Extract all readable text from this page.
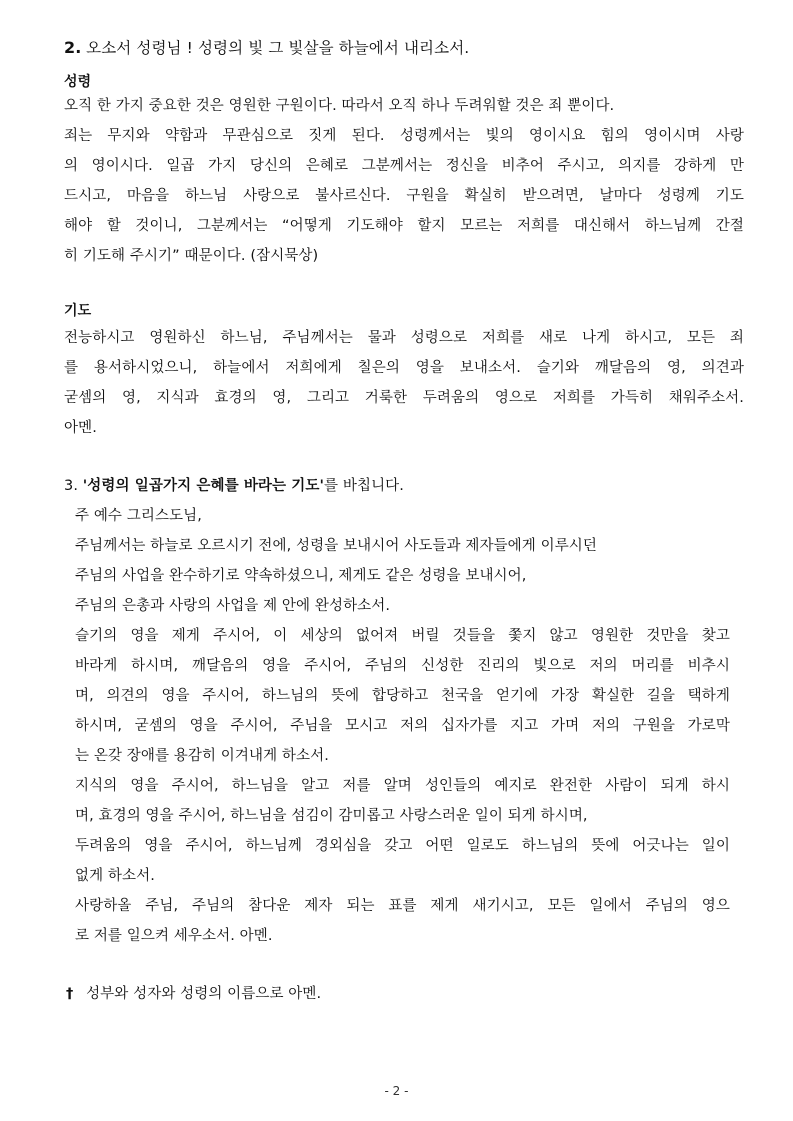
2. 오소서 성령님 ! 성령의 빛 그 빛살을 하늘에서 내리소서.
성령
오직 한 가지 중요한 것은 영원한 구원이다. 따라서 오직 하나 두려워할 것은 죄 뿐이다.
죄는 무지와 약함과 무관심으로 짓게 된다. 성령께서는 빛의 영이시요 힘의 영이시며 사랑
의 영이시다. 일곱 가지 당신의 은혜로 그분께서는 정신을 비추어 주시고, 의지를 강하게 만
드시고, 마음을 하느님 사랑으로 불사르신다. 구원을 확실히 받으려면, 날마다 성령께 기도
해야 할 것이니, 그분께서는 “어떻게 기도해야 할지 모르는 저희를 대신해서 하느님께 간절
히 기도해 주시기” 때문이다. (잠시묵상)
기도
전능하시고 영원하신 하느님, 주님께서는 물과 성령으로 저희를 새로 나게 하시고, 모든 죄
를 용서하시었으니, 하늘에서 저희에게 칠은의 영을 보내소서. 슬기와 깨달음의 영, 의견과
굳셈의 영, 지식과 효경의 영, 그리고 거룩한 두려움의 영으로 저희를 가득히 채워주소서.
아멘.
3. '성령의 일곱가지 은혜를 바라는 기도'를 바칩니다.
주 예수 그리스도님,
주님께서는 하늘로 오르시기 전에, 성령을 보내시어 사도들과 제자들에게 이루시던
주님의 사업을 완수하기로 약속하셨으니, 제게도 같은 성령을 보내시어,
주님의 은총과 사랑의 사업을 제 안에 완성하소서.
슬기의 영을 제게 주시어, 이 세상의 없어져 버릴 것들을 쫓지 않고 영원한 것만을 찾고
바라게 하시며, 깨달음의 영을 주시어, 주님의 신성한 진리의 빛으로 저의 머리를 비추시
며, 의견의 영을 주시어, 하느님의 뜻에 합당하고 천국을 얻기에 가장 확실한 길을 택하게
하시며, 굳셈의 영을 주시어, 주님을 모시고 저의 십자가를 지고 가며 저의 구원을 가로막
는 온갖 장애를 용감히 이겨내게 하소서.
지식의 영을 주시어, 하느님을 알고 저를 알며 성인들의 예지로 완전한 사람이 되게 하시
며, 효경의 영을 주시어, 하느님을 섬김이 감미롭고 사랑스러운 일이 되게 하시며,
두려움의 영을 주시어, 하느님께 경외심을 갖고 어떤 일로도 하느님의 뜻에 어긋나는 일이
없게 하소서.
사랑하올 주님, 주님의 참다운 제자 되는 표를 제게 새기시고, 모든 일에서 주님의 영으
로 저를 일으켜 세우소서. 아멘.
† 성부와 성자와 성령의 이름으로 아멘.
- 2 -
